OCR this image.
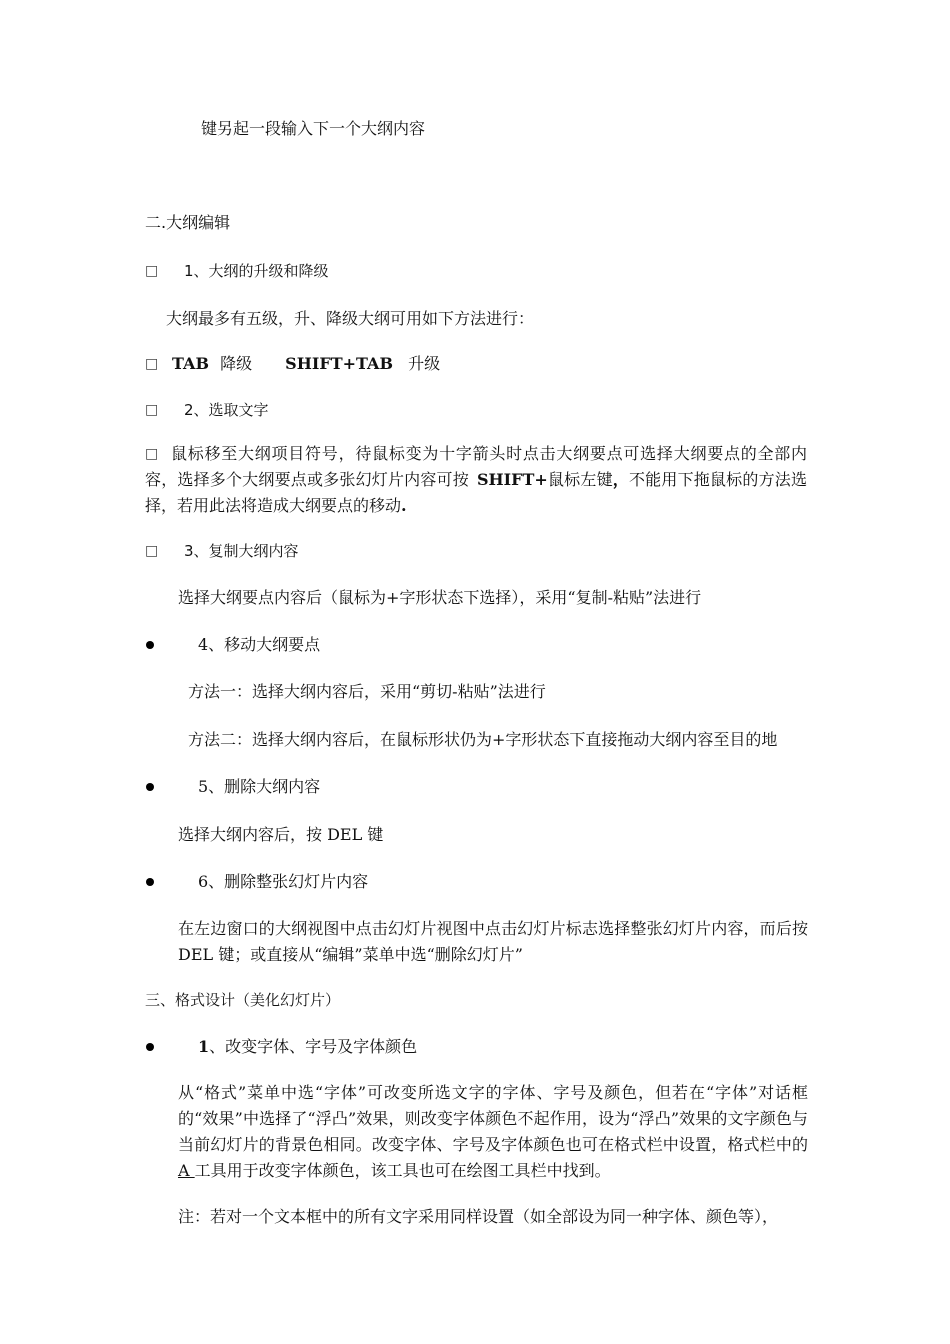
键另起一段输入下一个大纲内容
二.大纲编辑
□ 1、大纲的升级和降级
大纲最多有五级，升、降级大纲可用如下方法进行：
□ TAB 降级 SHIFT+TAB 升级
□ 2、选取文字
鼠标移至大纲项目符号，待鼠标变为十字箭头时点击大纲要点可选择大纲要点的全部内容，选择多个大纲要点或多张幻灯片内容可按 SHIFT+鼠标左键，不能用下拖鼠标的方法选择，若用此法将造成大纲要点的移动.
□
□ 3、复制大纲内容
选择大纲要点内容后（鼠标为+字形状态下选择），采用“复制-粘贴”法进行
4、移动大纲要点
方法一：选择大纲内容后，采用“剪切-粘贴”法进行
方法二：选择大纲内容后，在鼠标形状仍为+字形状态下直接拖动大纲内容至目的地
5、删除大纲内容
选择大纲内容后，按 DEL 键
6、删除整张幻灯片内容
在左边窗口的大纲视图中点击幻灯片视图中点击幻灯片标志选择整张幻灯片内容，而后按 DEL 键；或直接从“编辑”菜单中选“删除幻灯片”
三、格式设计（美化幻灯片）
1、改变字体、字号及字体颜色
从“格式”菜单中选“字体”可改变所选文字的字体、字号及颜色，但若在“字体”对话框的“效果”中选择了“浮凸”效果，则改变字体颜色不起作用，设为“浮凸”效果的文字颜色与当前幻灯片的背景色相同。改变字体、字号及字体颜色也可在格式栏中设置，格式栏中的 A 工具用于改变字体颜色，该工具也可在绘图工具栏中找到。
注：若对一个文本框中的所有文字采用同样设置（如全部设为同一种字体、颜色等），
